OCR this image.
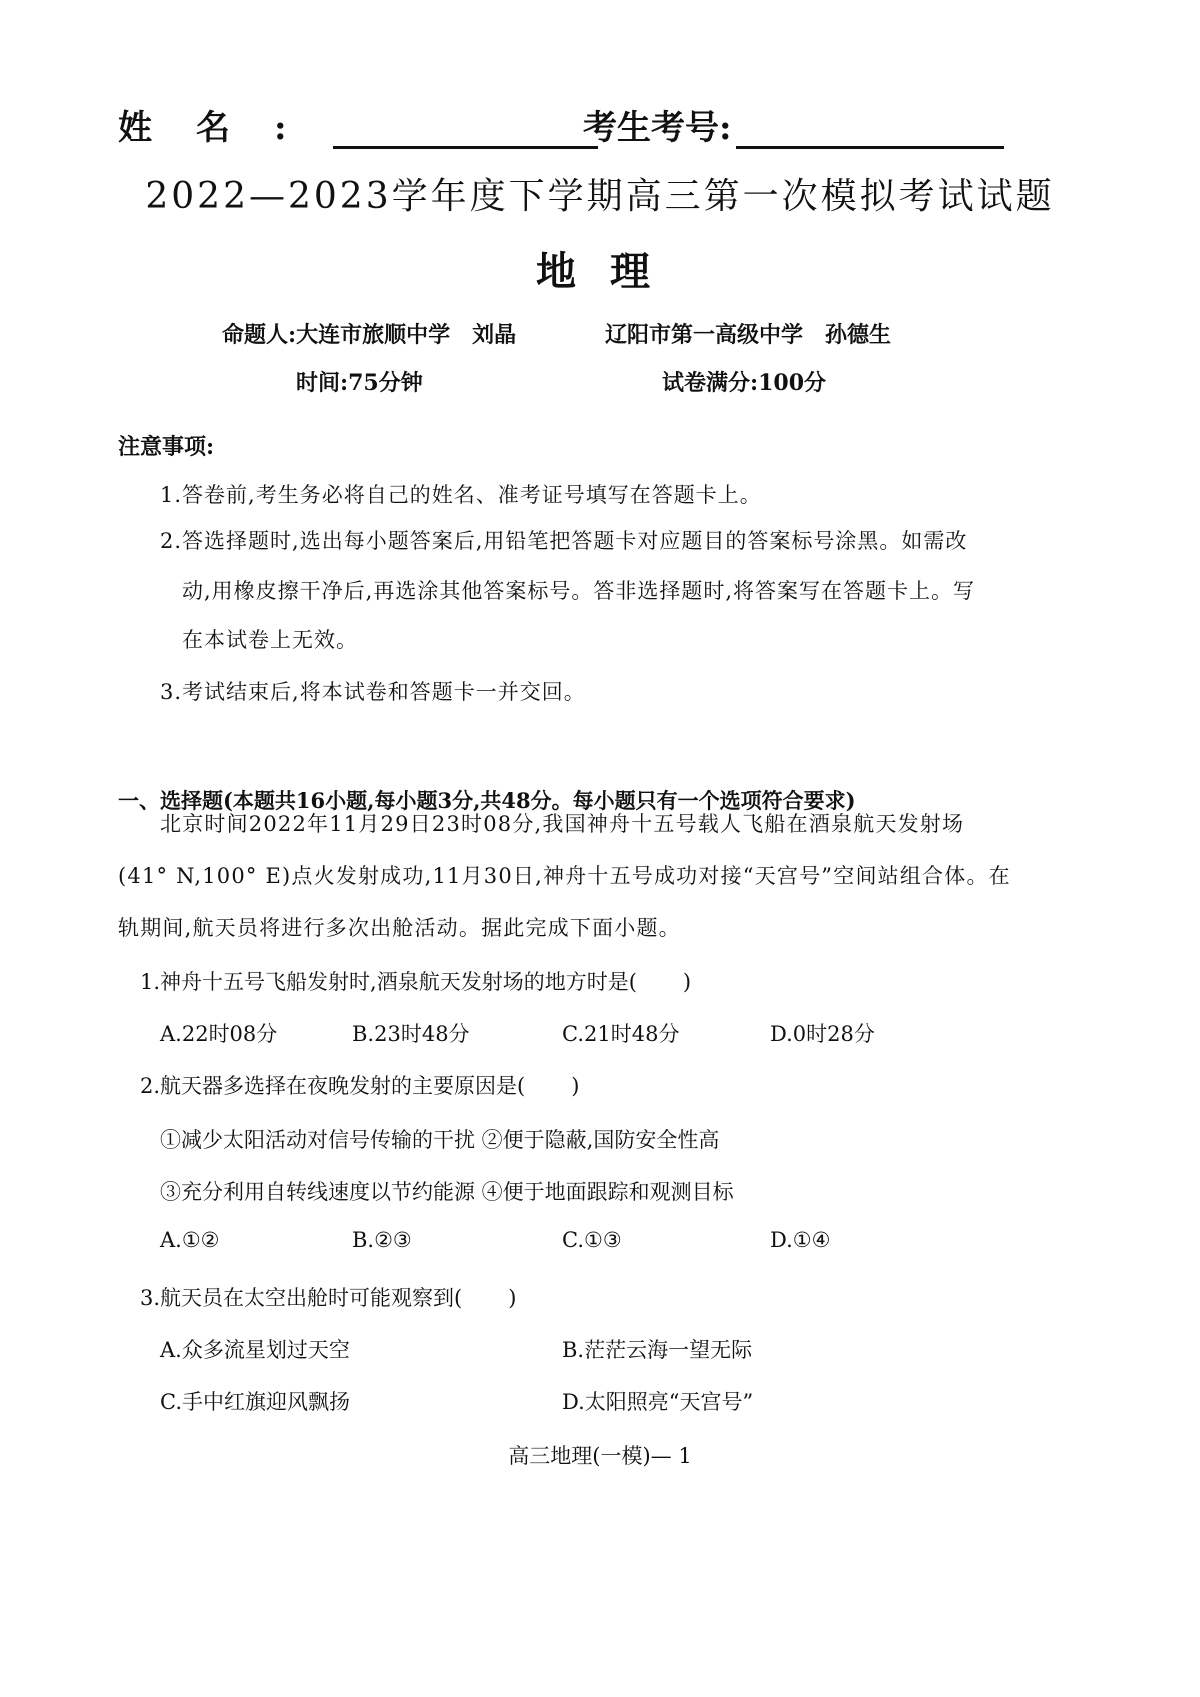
姓名:	考生考号:
2022—2023学年度下学期高三第一次模拟考试试题
地理
命题人:大连市旅顺中学　刘晶	辽阳市第一高级中学　孙德生
时间:75分钟	试卷满分:100分
注意事项:
1.答卷前,考生务必将自己的姓名、准考证号填写在答题卡上。
2.答选择题时,选出每小题答案后,用铅笔把答题卡对应题目的答案标号涂黑。如需改
动,用橡皮擦干净后,再选涂其他答案标号。答非选择题时,将答案写在答题卡上。写
在本试卷上无效。
3.考试结束后,将本试卷和答题卡一并交回。
一、选择题(本题共16小题,每小题3分,共48分。每小题只有一个选项符合要求)
北京时间2022年11月29日23时08分,我国神舟十五号载人飞船在酒泉航天发射场
(41° N,100° E)点火发射成功,11月30日,神舟十五号成功对接“天宫号”空间站组合体。在
轨期间,航天员将进行多次出舱活动。据此完成下面小题。
1.神舟十五号飞船发射时,酒泉航天发射场的地方时是( )
A.22时08分	B.23时48分	C.21时48分	D.0时28分
2.航天器多选择在夜晚发射的主要原因是( )
①减少太阳活动对信号传输的干扰 ②便于隐蔽,国防安全性高
③充分利用自转线速度以节约能源 ④便于地面跟踪和观测目标
A.①②	B.②③	C.①③	D.①④
3.航天员在太空出舱时可能观察到( )
A.众多流星划过天空	B.茫茫云海一望无际
C.手中红旗迎风飘扬	D.太阳照亮“天宫号”
高三地理(一模)— 1
